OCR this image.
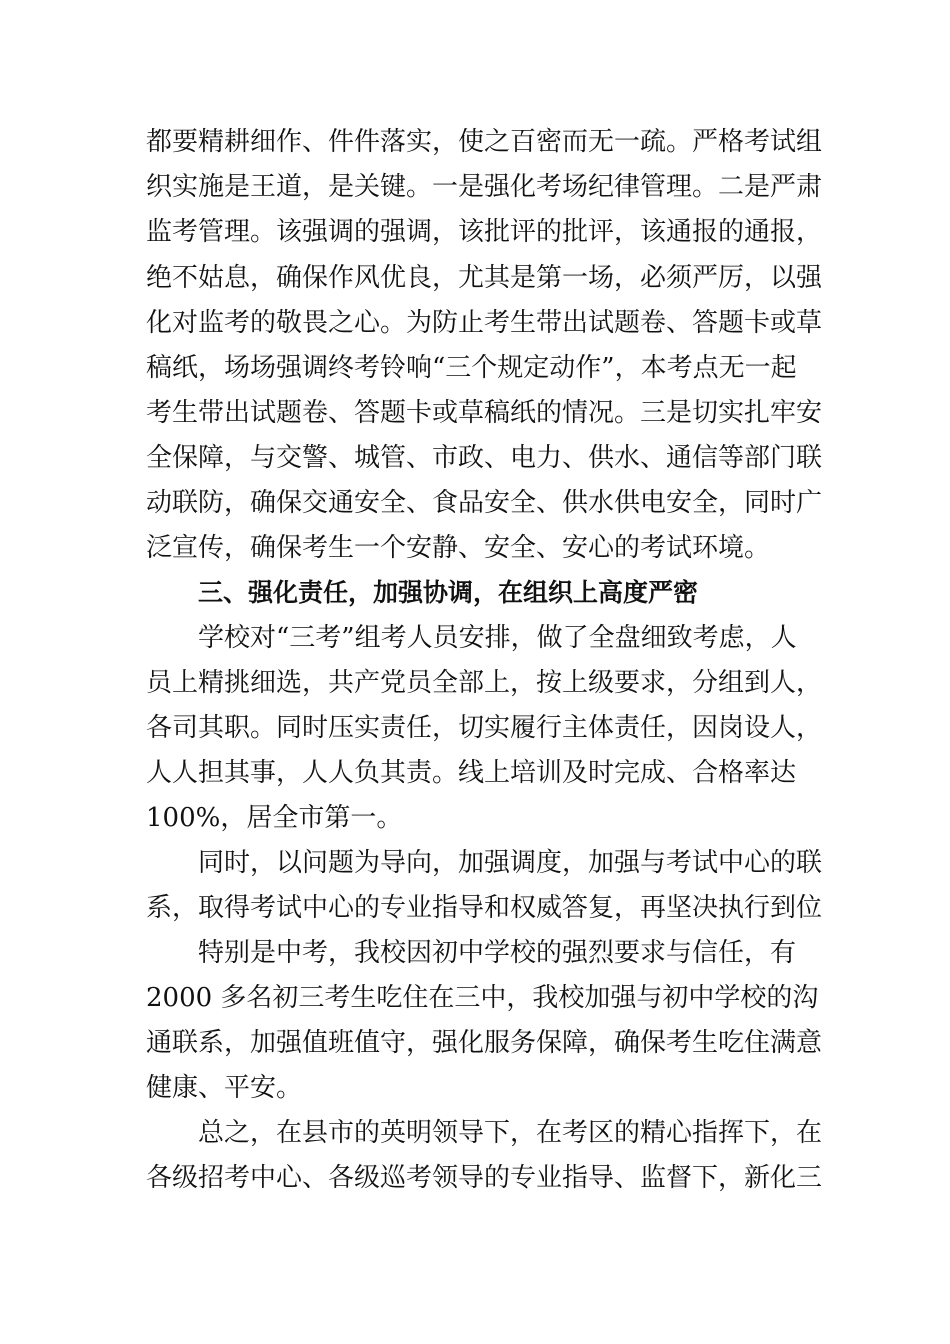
都要精耕细作、件件落实，使之百密而无一疏。严格考试组
织实施是王道，是关键。一是强化考场纪律管理。二是严肃
监考管理。该强调的强调，该批评的批评，该通报的通报，
绝不姑息，确保作风优良，尤其是第一场，必须严厉，以强
化对监考的敬畏之心。为防止考生带出试题卷、答题卡或草
稿纸，场场强调终考铃响“三个规定动作”，本考点无一起
考生带出试题卷、答题卡或草稿纸的情况。三是切实扎牢安
全保障，与交警、城管、市政、电力、供水、通信等部门联
动联防，确保交通安全、食品安全、供水供电安全，同时广
泛宣传，确保考生一个安静、安全、安心的考试环境。
三、强化责任，加强协调，在组织上高度严密
学校对“三考”组考人员安排，做了全盘细致考虑，人
员上精挑细选，共产党员全部上，按上级要求，分组到人，
各司其职。同时压实责任，切实履行主体责任，因岗设人，
人人担其事，人人负其责。线上培训及时完成、合格率达
100%，居全市第一。
同时，以问题为导向，加强调度，加强与考试中心的联
系，取得考试中心的专业指导和权威答复，再坚决执行到位
特别是中考，我校因初中学校的强烈要求与信任，有
2000 多名初三考生吃住在三中，我校加强与初中学校的沟
通联系，加强值班值守，强化服务保障，确保考生吃住满意
健康、平安。
总之，在县市的英明领导下，在考区的精心指挥下，在
各级招考中心、各级巡考领导的专业指导、监督下，新化三
